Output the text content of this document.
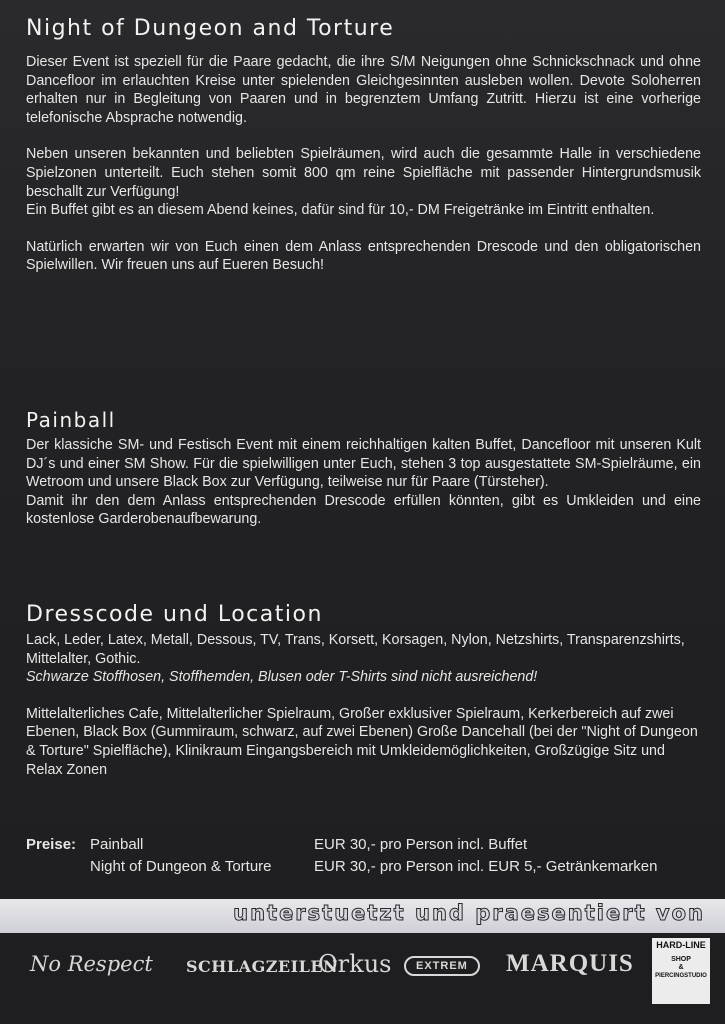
Night of Dungeon and Torture

Dieser Event ist speziell für die Paare gedacht, die ihre S/M Neigungen ohne Schnickschnack und ohne Dancefloor im erlauchten Kreise unter spielenden Gleichgesinnten ausleben wollen. Devote Soloherren erhalten nur in Begleitung von Paaren und in begrenztem Umfang Zutritt. Hierzu ist eine vorherige telefonische Absprache notwendig.

Neben unseren bekannten und beliebten Spielräumen, wird auch die gesammte Halle in verschiedene Spielzonen unterteilt. Euch stehen somit 800 qm reine Spielfläche mit passender Hintergrundsmusik beschallt zur Verfügung!

Ein Buffet gibt es an diesem Abend keines, dafür sind für 10,- DM Freigetränke im Eintritt enthalten.

Natürlich erwarten wir von Euch einen dem Anlass entsprechenden Drescode und den obligatorischen Spielwillen. Wir freuen uns auf Eueren Besuch!

Painball

Der klassiche SM- und Festisch Event mit einem reichhaltigen kalten Buffet, Dancefloor mit unseren Kult DJ´s und einer SM Show. Für die spielwilligen unter Euch, stehen 3 top ausgestattete SM-Spielräume, ein Wetroom und unsere Black Box zur Verfügung, teilweise nur für Paare (Türsteher).

Damit ihr den dem Anlass entsprechenden Drescode erfüllen könnten, gibt es Umkleiden und eine kostenlose Garderobenaufbewarung.

Dresscode und Location

Lack, Leder, Latex, Metall, Dessous, TV, Trans, Korsett, Korsagen, Nylon, Netzshirts, Transparenzshirts, Mittelalter, Gothic.

Schwarze Stoffhosen, Stoffhemden, Blusen oder T-Shirts sind nicht ausreichend!

Mittelalterliches Cafe, Mittelalterlicher Spielraum, Großer exklusiver Spielraum, Kerkerbereich auf zwei Ebenen, Black Box (Gummiraum, schwarz, auf zwei Ebenen) Große Dancehall (bei der "Night of Dungeon & Torture" Spielfläche), Klinikraum Eingangsbereich mit Umkleidemöglichkeiten, Großzügige Sitz und Relax Zonen

Preise: Painball	EUR 30,- pro Person incl. Buffet
Night of Dungeon & Torture	EUR 30,- pro Person incl. EUR 5,- Getränkemarken
unterstuetzt und praesentiert von
No Respect SCHLAGZEILEN
Orkus	EXTREM	MARQUIS
HARD-LINE
SHOP
&
PIERCINGSTUDIO
